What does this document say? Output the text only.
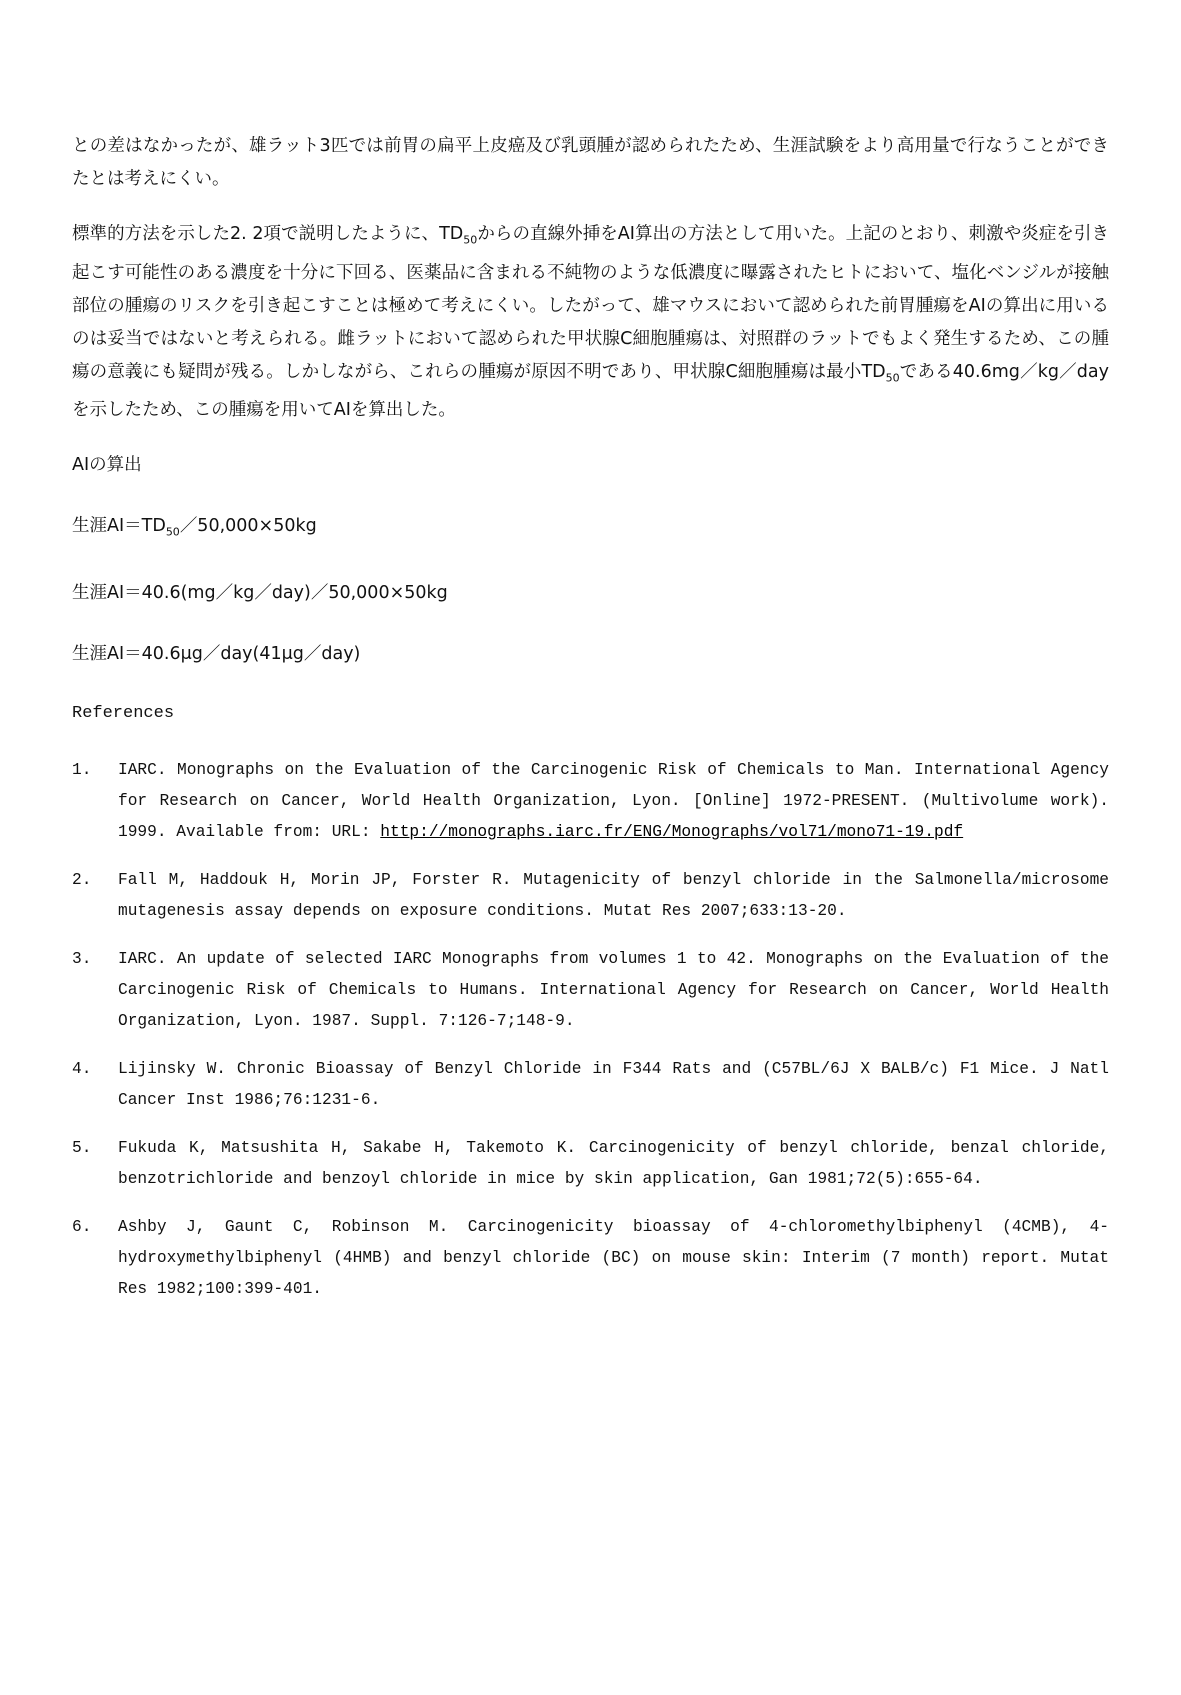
との差はなかったが、雄ラット3匹では前胃の扁平上皮癌及び乳頭腫が認められたため、生涯試験をより高用量で行なうことができたとは考えにくい。

標準的方法を示した2. 2項で説明したように、$TD_{50}$からの直線外挿をAI算出の方法として用いた。上記のとおり、刺激や炎症を引き起こす可能性のある濃度を十分に下回る、医薬品に含まれる不純物のような低濃度に曝露されたヒトにおいて、塩化ベンジルが接触部位の腫瘍のリスクを引き起こすことは極めて考えにくい。したがって、雄マウスにおいて認められた前胃腫瘍をAIの算出に用いるのは妥当ではないと考えられる。雌ラットにおいて認められた甲状腺C細胞腫瘍は、対照群のラットでもよく発生するため、この腫瘍の意義にも疑問が残る。しかしながら、これらの腫瘍が原因不明であり、甲状腺C細胞腫瘍は最小$TD_{50}$である40.6mg／kg／dayを示したため、この腫瘍を用いてAIを算出した。

AIの算出

生涯$AI=TD_{50}/50,000\times 50kg$

生涯AI＝40.6(mg／kg／day)／50,000×50kg

生涯AI＝40.6μg／day(41μg／day)

References

1.	IARC. Monographs on the Evaluation of the Carcinogenic Risk of Chemicals to Man. International Agency for Research on Cancer, World Health Organization, Lyon. [Online] 1972-PRESENT. (Multivolume work). 1999. Available from: URL: http://monographs.iarc.fr/ENG/Monographs/vol71/mono71-19.pdf
2.	Fall M, Haddouk H, Morin JP, Forster R. Mutagenicity of benzyl chloride in the Salmonella/microsome mutagenesis assay depends on exposure conditions. Mutat Res 2007;633:13-20.
3.	IARC. An update of selected IARC Monographs from volumes 1 to 42. Monographs on the Evaluation of the Carcinogenic Risk of Chemicals to Humans. International Agency for Research on Cancer, World Health Organization, Lyon. 1987. Suppl. 7:126-7;148-9.
4.	Lijinsky W. Chronic Bioassay of Benzyl Chloride in F344 Rats and (C57BL/6J X BALB/c) F1 Mice. J Natl Cancer Inst 1986;76:1231-6.
5.	Fukuda K, Matsushita H, Sakabe H, Takemoto K. Carcinogenicity of benzyl chloride, benzal chloride, benzotrichloride and benzoyl chloride in mice by skin application, Gan 1981;72(5):655-64.
6.	Ashby J, Gaunt C, Robinson M. Carcinogenicity bioassay of 4-chloromethylbiphenyl (4CMB), 4-hydroxymethylbiphenyl (4HMB) and benzyl chloride (BC) on mouse skin: Interim (7 month) report. Mutat Res 1982;100:399-401.
